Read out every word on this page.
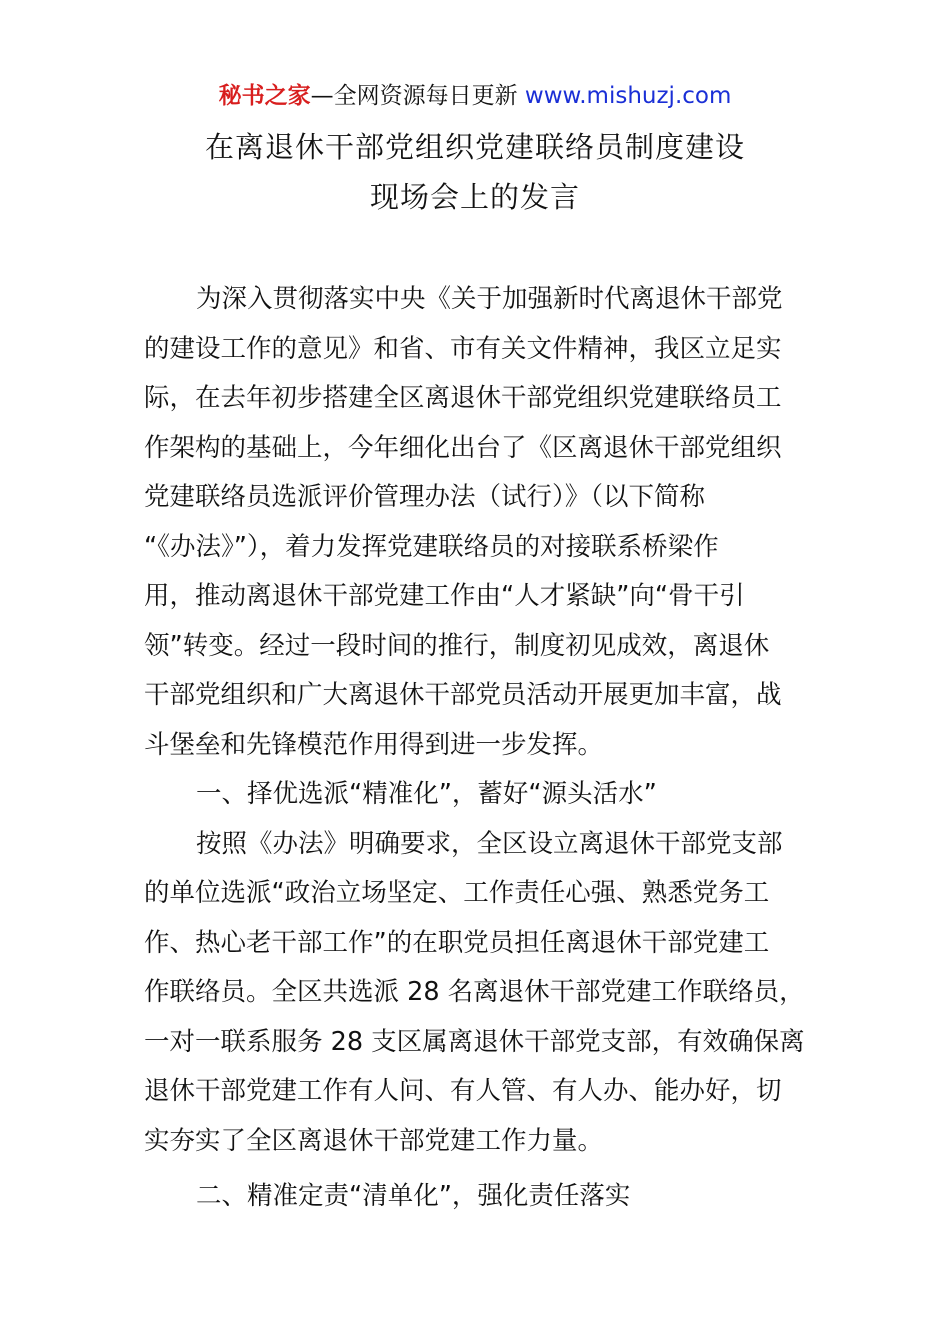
秘书之家—全网资源每日更新 www.mishuzj.com
在离退休干部党组织党建联络员制度建设
现场会上的发言
为深入贯彻落实中央《关于加强新时代离退休干部党
的建设工作的意见》和省、市有关文件精神，我区立足实
际，在去年初步搭建全区离退休干部党组织党建联络员工
作架构的基础上，今年细化出台了《区离退休干部党组织
党建联络员选派评价管理办法（试行）》（以下简称
“《办法》”），着力发挥党建联络员的对接联系桥梁作
用，推动离退休干部党建工作由“人才紧缺”向“骨干引
领”转变。经过一段时间的推行，制度初见成效，离退休
干部党组织和广大离退休干部党员活动开展更加丰富，战
斗堡垒和先锋模范作用得到进一步发挥。
一、择优选派“精准化”，蓄好“源头活水”
按照《办法》明确要求，全区设立离退休干部党支部
的单位选派“政治立场坚定、工作责任心强、熟悉党务工
作、热心老干部工作”的在职党员担任离退休干部党建工
作联络员。全区共选派 28 名离退休干部党建工作联络员，
一对一联系服务 28 支区属离退休干部党支部，有效确保离
退休干部党建工作有人问、有人管、有人办、能办好，切
实夯实了全区离退休干部党建工作力量。
二、精准定责“清单化”，强化责任落实
